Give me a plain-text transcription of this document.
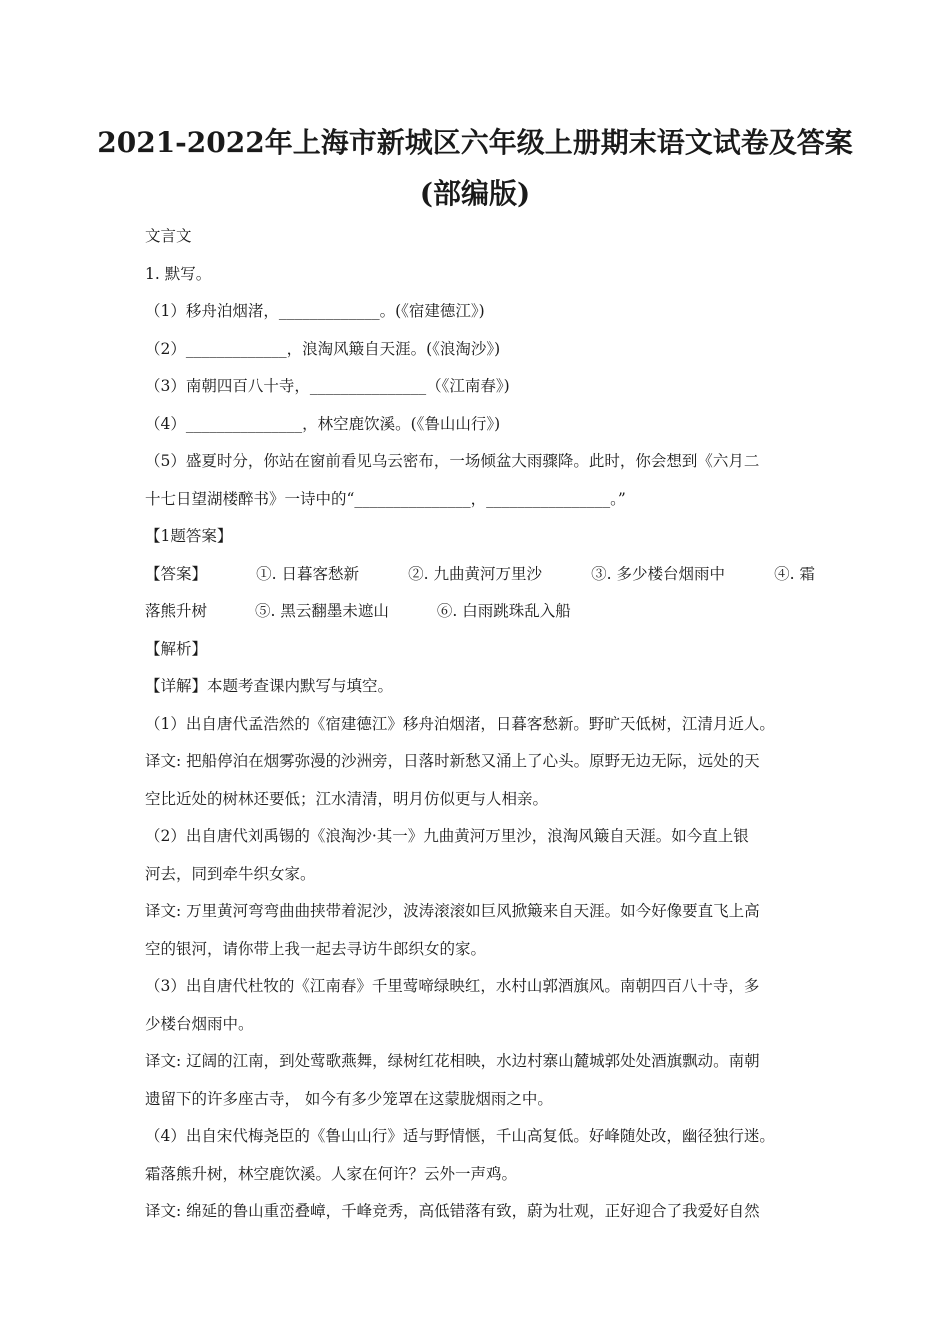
2021-2022年上海市新城区六年级上册期末语文试卷及答案
(部编版)
文言文
1. 默写。
（1）移舟泊烟渚，_____________。(《宿建德江》)
（2）_____________，浪淘风簸自天涯。(《浪淘沙》)
（3）南朝四百八十寺，_______________（《江南春》)
（4）_______________，林空鹿饮溪。(《鲁山山行》)
（5）盛夏时分，你站在窗前看见乌云密布，一场倾盆大雨骤降。此时，你会想到《六月二
十七日望湖楼醉书》一诗中的“_______________，________________。”
【1题答案】
【答案】	①. 日暮客愁新	②. 九曲黄河万里沙	③. 多少楼台烟雨中	④. 霜
落熊升树	⑤. 黑云翻墨未遮山	⑥. 白雨跳珠乱入船
【解析】
【详解】本题考查课内默写与填空。
（1）出自唐代孟浩然的《宿建德江》移舟泊烟渚，日暮客愁新。野旷天低树，江清月近人。
译文: 把船停泊在烟雾弥漫的沙洲旁，日落时新愁又涌上了心头。原野无边无际，远处的天
空比近处的树林还要低；江水清清，明月仿似更与人相亲。
（2）出自唐代刘禹锡的《浪淘沙·其一》九曲黄河万里沙，浪淘风簸自天涯。如今直上银
河去，同到牵牛织女家。
译文: 万里黄河弯弯曲曲挟带着泥沙，波涛滚滚如巨风掀簸来自天涯。如今好像要直飞上高
空的银河，请你带上我一起去寻访牛郎织女的家。
（3）出自唐代杜牧的《江南春》千里莺啼绿映红，水村山郭酒旗风。南朝四百八十寺，多
少楼台烟雨中。
译文: 辽阔的江南，到处莺歌燕舞，绿树红花相映，水边村寨山麓城郭处处酒旗飘动。南朝
遗留下的许多座古寺， 如今有多少笼罩在这蒙胧烟雨之中。
（4）出自宋代梅尧臣的《鲁山山行》适与野情惬，千山高复低。好峰随处改，幽径独行迷。
霜落熊升树，林空鹿饮溪。人家在何许？云外一声鸡。
译文: 绵延的鲁山重峦叠嶂，千峰竞秀，高低错落有致，蔚为壮观，正好迎合了我爱好自然
